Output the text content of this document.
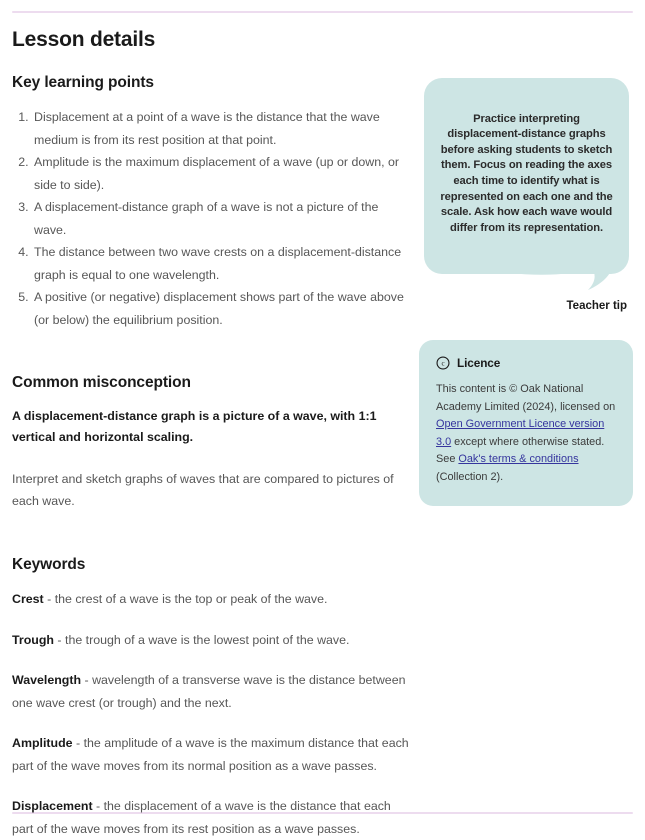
Lesson details
Key learning points
1. Displacement at a point of a wave is the distance that the wave medium is from its rest position at that point.
2. Amplitude is the maximum displacement of a wave (up or down, or side to side).
3. A displacement-distance graph of a wave is not a picture of the wave.
4. The distance between two wave crests on a displacement-distance graph is equal to one wavelength.
5. A positive (or negative) displacement shows part of the wave above (or below) the equilibrium position.
Common misconception

A displacement-distance graph is a picture of a wave, with 1:1 vertical and horizontal scaling.

Interpret and sketch graphs of waves that are compared to pictures of each wave.

Keywords

Crest - the crest of a wave is the top or peak of the wave.

Trough - the trough of a wave is the lowest point of the wave.

Wavelength - wavelength of a transverse wave is the distance between one wave crest (or trough) and the next.

Amplitude - the amplitude of a wave is the maximum distance that each part of the wave moves from its normal position as a wave passes.

Displacement - the displacement of a wave is the distance that each part of the wave moves from its rest position as a wave passes.

Practice interpreting displacement-distance graphs before asking students to sketch them. Focus on reading the axes each time to identify what is represented on each one and the scale. Ask how each wave would differ from its representation.
Teacher tip
c Licence
This content is © Oak National Academy Limited (2024), licensed on Open Government Licence version 3.0 except where otherwise stated. See Oak's terms & conditions (Collection 2).
